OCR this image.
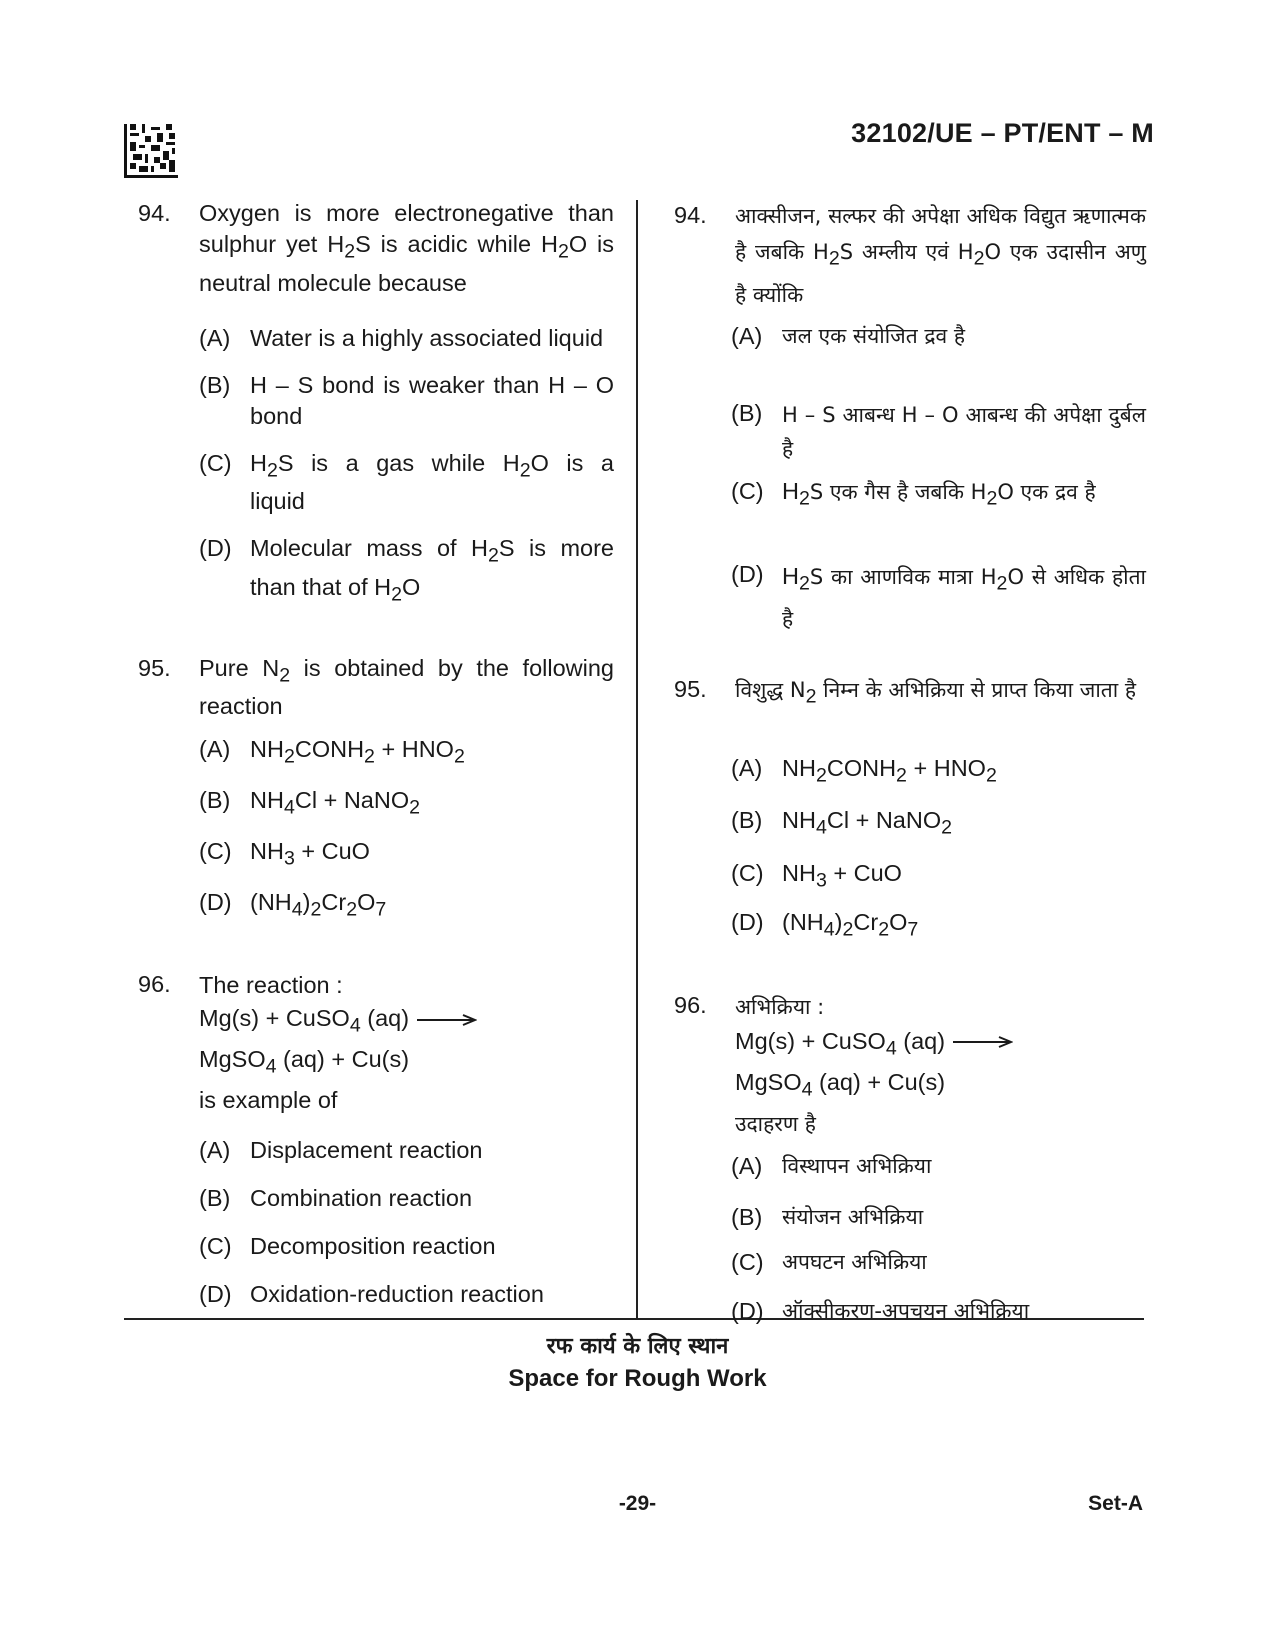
32102/UE – PT/ENT – M
94. Oxygen is more electronegative than sulphur yet $H_2S$ is acidic while $H_2O$ is neutral molecule because
(A) Water is a highly associated liquid
(B) H – S bond is weaker than H – O bond
(C) $H_2S$ is a gas while $H_2O$ is a liquid
(D) Molecular mass of $H_2S$ is more than that of $H_2O$
95. Pure $N_2$ is obtained by the following reaction
(A) $NH_2CONH_2 + HNO_2$
(B) $NH_4Cl$ + NaNO$_2$
(C) $NH_3$ + CuO
(D) $(NH_4)_2Cr_2O_7$
96. The reaction :
Mg(s) + CuSO$_4$ (aq) →
MgSO$_4$ (aq) + Cu(s)
is example of
(A) Displacement reaction
(B) Combination reaction
(C) Decomposition reaction
(D) Oxidation-reduction reaction
94. आक्सीजन, सल्फर की अपेक्षा अधिक विद्युत ऋणात्मक है जबकि $H_2S$ अम्लीय एवं $H_2O$ एक उदासीन अणु है क्योंकि
(A) जल एक संयोजित द्रव है
(B) H – S आबन्ध H – O आबन्ध की अपेक्षा दुर्बल है
(C) $H_2S$ एक गैस है जबकि $H_2O$ एक द्रव है
(D) $H_2S$ का आणविक मात्रा $H_2O$ से अधिक होता है
95. विशुद्ध $N_2$ निम्न के अभिक्रिया से प्राप्त किया जाता है
(A) $NH_2CONH_2 + HNO_2$
(B) $NH_4Cl$ + NaNO$_2$
(C) $NH_3$ + CuO
(D) $(NH_4)_2Cr_2O_7$
96. अभिक्रिया :
Mg(s) + CuSO$_4$ (aq) →
MgSO$_4$ (aq) + Cu(s)
उदाहरण है
(A) विस्थापन अभिक्रिया
(B) संयोजन अभिक्रिया
(C) अपघटन अभिक्रिया
(D) ऑक्सीकरण-अपचयन अभिक्रिया
रफ कार्य के लिए स्थान
Space for Rough Work
-29-	Set-A
